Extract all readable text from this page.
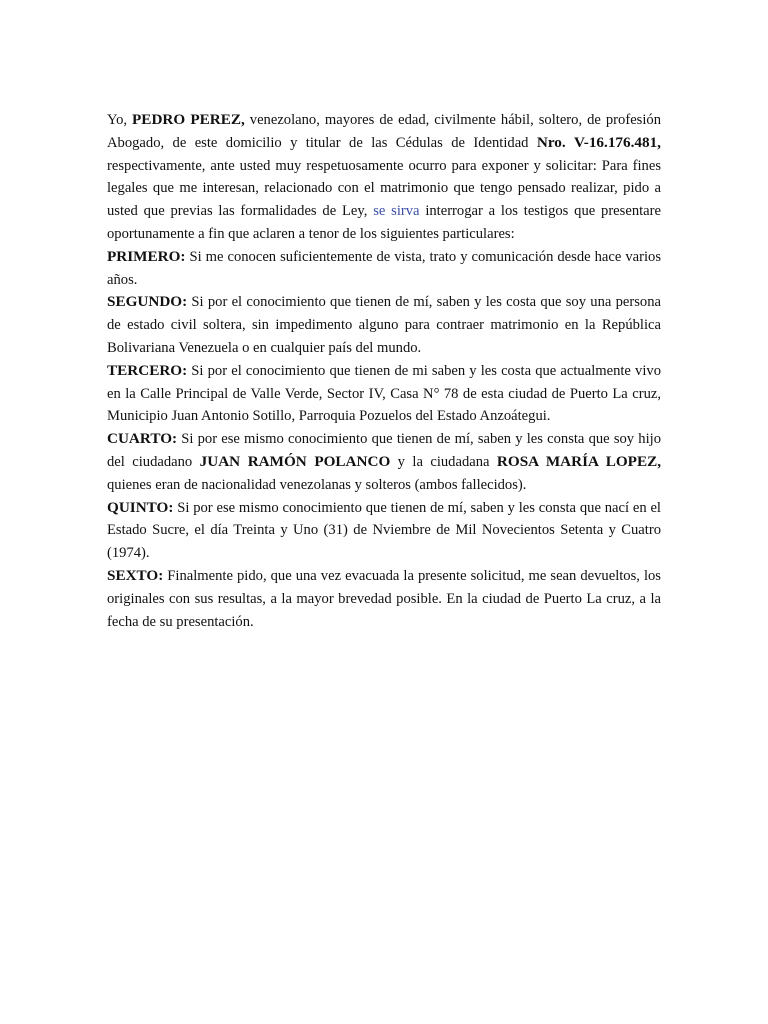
Yo, PEDRO PEREZ, venezolano, mayores de edad, civilmente hábil, soltero, de profesión Abogado, de este domicilio y titular de las Cédulas de Identidad Nro. V-16.176.481, respectivamente, ante usted muy respetuosamente ocurro para exponer y solicitar: Para fines legales que me interesan, relacionado con el matrimonio que tengo pensado realizar, pido a usted que previas las formalidades de Ley, se sirva interrogar a los testigos que presentare oportunamente a fin que aclaren a tenor de los siguientes particulares:

PRIMERO: Si me conocen suficientemente de vista, trato y comunicación desde hace varios años.

SEGUNDO: Si por el conocimiento que tienen de mí, saben y les costa que soy una persona de estado civil soltera, sin impedimento alguno para contraer matrimonio en la República Bolivariana Venezuela o en cualquier país del mundo.

TERCERO: Si por el conocimiento que tienen de mi saben y les costa que actualmente vivo en la Calle Principal de Valle Verde, Sector IV, Casa N° 78 de esta ciudad de Puerto La cruz, Municipio Juan Antonio Sotillo, Parroquia Pozuelos del Estado Anzoátegui.

CUARTO: Si por ese mismo conocimiento que tienen de mí, saben y les consta que soy hijo del ciudadano JUAN RAMÓN POLANCO y la ciudadana ROSA MARÍA LOPEZ, quienes eran de nacionalidad venezolanas y solteros (ambos fallecidos).

QUINTO: Si por ese mismo conocimiento que tienen de mí, saben y les consta que nací en el Estado Sucre, el día Treinta y Uno (31) de Nviembre de Mil Novecientos Setenta y Cuatro (1974).

SEXTO: Finalmente pido, que una vez evacuada la presente solicitud, me sean devueltos, los originales con sus resultas, a la mayor brevedad posible. En la ciudad de Puerto La cruz, a la fecha de su presentación.
